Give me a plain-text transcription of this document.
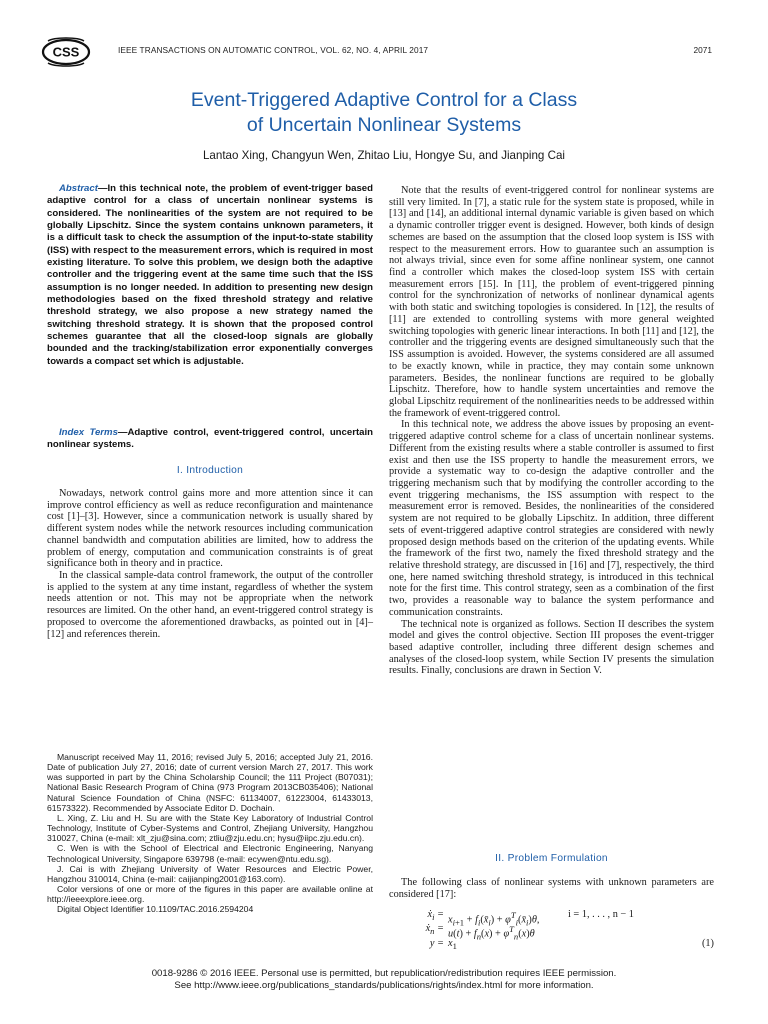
CSS	IEEE TRANSACTIONS ON AUTOMATIC CONTROL, VOL. 62, NO. 4, APRIL 2017	2071
Event-Triggered Adaptive Control for a Class
of Uncertain Nonlinear Systems
Lantao Xing, Changyun Wen, Zhitao Liu, Hongye Su, and Jianping Cai

Abstract—In this technical note, the problem of event-trigger based adaptive control for a class of uncertain nonlinear systems is considered. The nonlinearities of the system are not required to be globally Lipschitz. Since the system contains unknown parameters, it is a difficult task to check the assumption of the input-to-state stability (ISS) with respect to the measurement errors, which is required in most existing literature. To solve this problem, we design both the adaptive controller and the triggering event at the same time such that the ISS assumption is no longer needed. In addition to presenting new design methodologies based on the fixed threshold strategy and relative threshold strategy, we also propose a new strategy named the switching threshold strategy. It is shown that the proposed control schemes guarantee that all the closed-loop signals are globally bounded and the tracking/stabilization error exponentially converges towards a compact set which is adjustable.

Index Terms—Adaptive control, event-triggered control, uncertain nonlinear systems.

I. Introduction

Nowadays, network control gains more and more attention since it can improve control efficiency as well as reduce reconfiguration and maintenance cost [1]–[3]. However, since a communication network is usually shared by different system nodes while the network resources including communication channel bandwidth and computation abilities are limited, how to address the problem of energy, computation and communication constraints is of great significance both in theory and in practice.

In the classical sample-data control framework, the output of the controller is applied to the system at any time instant, regardless of whether the system needs attention or not. This may not be appropriate when the network resources are limited. On the other hand, an event-triggered control strategy is proposed to overcome the aforementioned drawbacks, as pointed out in [4]–[12] and references therein.

Manuscript received May 11, 2016; revised July 5, 2016; accepted July 21, 2016. Date of publication July 27, 2016; date of current version March 27, 2017. This work was supported in part by the China Scholarship Council; the 111 Project (B07031); National Basic Research Program of China (973 Program 2013CB035406); National Natural Science Foundation of China (NSFC: 61134007, 61223004, 61433013, 61573322). Recommended by Associate Editor D. Dochain.

L. Xing, Z. Liu and H. Su are with the State Key Laboratory of Industrial Control Technology, Institute of Cyber-Systems and Control, Zhejiang University, Hangzhou 310027, China (e-mail: xlt_zju@sina.com; ztliu@zju.edu.cn; hysu@iipc.zju.edu.cn).

C. Wen is with the School of Electrical and Electronic Engineering, Nanyang Technological University, Singapore 639798 (e-mail: ecywen@ntu.edu.sg).

J. Cai is with Zhejiang University of Water Resources and Electric Power, Hangzhou 310014, China (e-mail: caijianping2001@163.com).

Color versions of one or more of the figures in this paper are available online at http://ieeexplore.ieee.org.

Digital Object Identifier 10.1109/TAC.2016.2594204

Note that the results of event-triggered control for nonlinear systems are still very limited. In [7], a static rule for the system state is proposed, while in [13] and [14], an additional internal dynamic variable is given based on which a dynamic controller trigger event is designed. However, both kinds of design schemes are based on the assumption that the closed loop system is ISS with respect to the measurement errors. How to guarantee such an assumption is not always trivial, since even for some affine nonlinear system, one cannot find a controller which makes the closed-loop system ISS with certain measurement errors [15]. In [11], the problem of event-triggered pinning control for the synchronization of networks of nonlinear dynamical agents with both static and switching topologies is considered. In [12], the results of [11] are extended to controlling systems with more general weighted switching topologies with generic linear interactions. In both [11] and [12], the controller and the triggering events are designed simultaneously such that the ISS assumption is avoided. However, the systems considered are all assumed to be exactly known, while in practice, they may contain some unknown parameters. Besides, the nonlinear functions are required to be globally Lipschitz. Therefore, how to handle system uncertainties and remove the global Lipschitz requirement of the nonlinearities needs to be addressed within the framework of event-triggered control.

In this technical note, we address the above issues by proposing an event-triggered adaptive control scheme for a class of uncertain nonlinear systems. Different from the existing results where a stable controller is assumed to first exist and then use the ISS property to handle the measurement errors, we provide a systematic way to co-design the adaptive controller and the triggering mechanism such that by modifying the controller according to the event triggering mechanisms, the ISS assumption with respect to the measurement error is removed. Besides, the nonlinearities of the considered system are not required to be globally Lipschitz. In addition, three different sets of event-triggered adaptive control strategies are considered with newly proposed design methods based on the criterion of the updating events. While the framework of the first two, namely the fixed threshold strategy and the relative threshold strategy, are discussed in [16] and [7], respectively, the third one, here named switching threshold strategy, is introduced in this technical note for the first time. This control strategy, seen as a combination of the first two, provides a reasonable way to balance the system performance and communication constraints.

The technical note is organized as follows. Section II describes the system model and gives the control objective. Section III proposes the event-trigger based adaptive controller, including three different design schemes and analyses of the closed-loop system, while Section IV presents the simulation results. Finally, conclusions are drawn in Section V.

II. Problem Formulation

The following class of nonlinear systems with unknown parameters are considered [17]:

ẋ$_i$ = $x_{i+1}$ + $f_i(x̄_i)$ + $\varphi^T_i(x̄_i)\theta$,	i = 1, . . . , n − 1
ẋ$_n$ = $u(t) + f_n(x) + \varphi^T_n(x)\theta$
$y = x_1$	(1)
0018-9286 © 2016 IEEE. Personal use is permitted, but republication/redistribution requires IEEE permission.
See http://www.ieee.org/publications_standards/publications/rights/index.html for more information.
